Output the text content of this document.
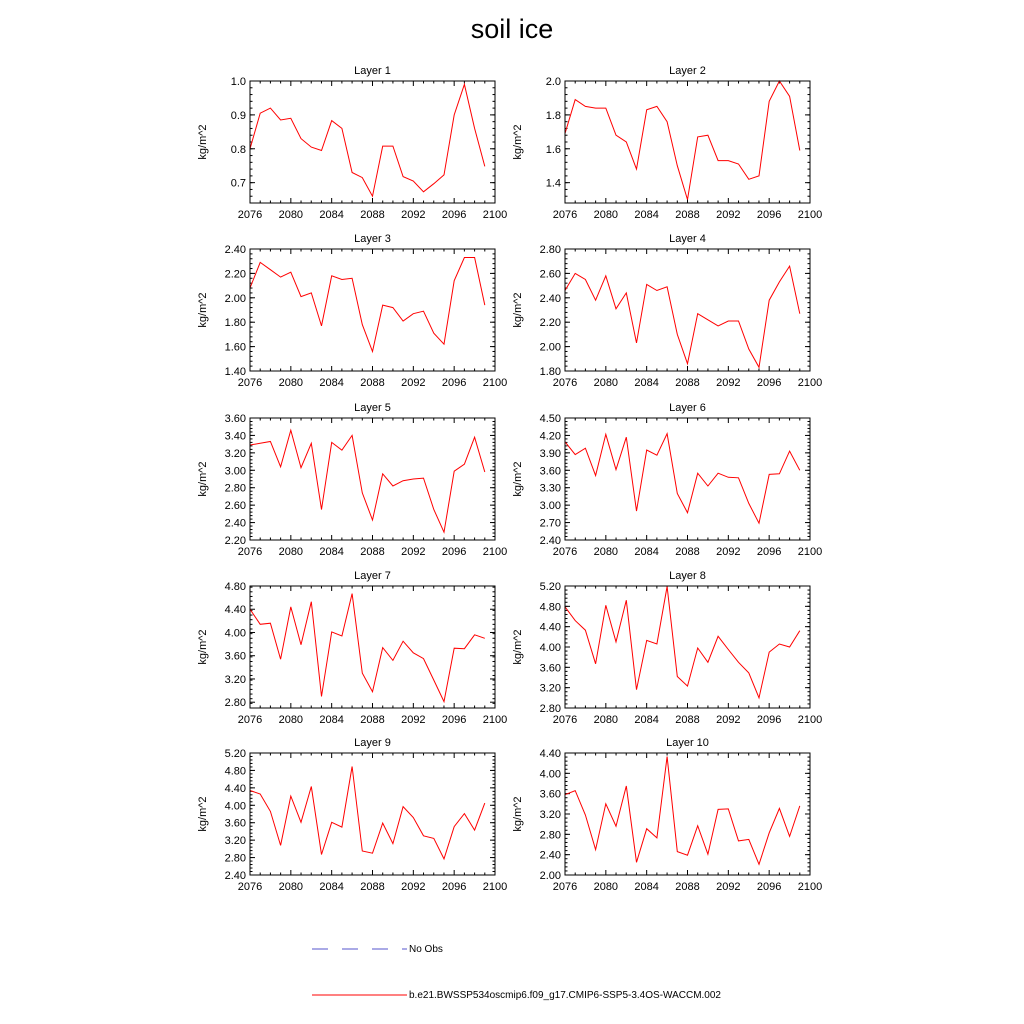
soil ice
Layer 1
kg/m^2
2076 2080 2084 2088 2092 2096 2100
0.7
0.8
0.9
1.0
Layer 2
kg/m^2
2076 2080 2084 2088 2092 2096 2100
1.4
1.6
1.8
2.0
Layer 3
kg/m^2
2076 2080 2084 2088 2092 2096 2100
1.40
1.60
1.80
2.00
2.20
2.40
Layer 4
kg/m^2
2076 2080 2084 2088 2092 2096 2100
1.80
2.00
2.20
2.40
2.60
2.80
Layer 5
kg/m^2
2076 2080 2084 2088 2092 2096 2100
2.20
2.40
2.60
2.80
3.00
3.20
3.40
3.60
Layer 6
kg/m^2
2076 2080 2084 2088 2092 2096 2100
2.40
2.70
3.00
3.30
3.60
3.90
4.20
4.50
Layer 7
kg/m^2
2076 2080 2084 2088 2092 2096 2100
2.80
3.20
3.60
4.00
4.40
4.80
Layer 8
kg/m^2
2076 2080 2084 2088 2092 2096 2100
2.80
3.20
3.60
4.00
4.40
4.80
5.20
Layer 9
kg/m^2
2076 2080 2084 2088 2092 2096 2100
2.40
2.80
3.20
3.60
4.00
4.40
4.80
5.20
Layer 10
kg/m^2
2076 2080 2084 2088 2092 2096 2100
2.00
2.40
2.80
3.20
3.60
4.00
4.40
No Obs
b.e21.BWSSP534oscmip6.f09_g17.CMIP6-SSP5-3.4OS-WACCM.002
